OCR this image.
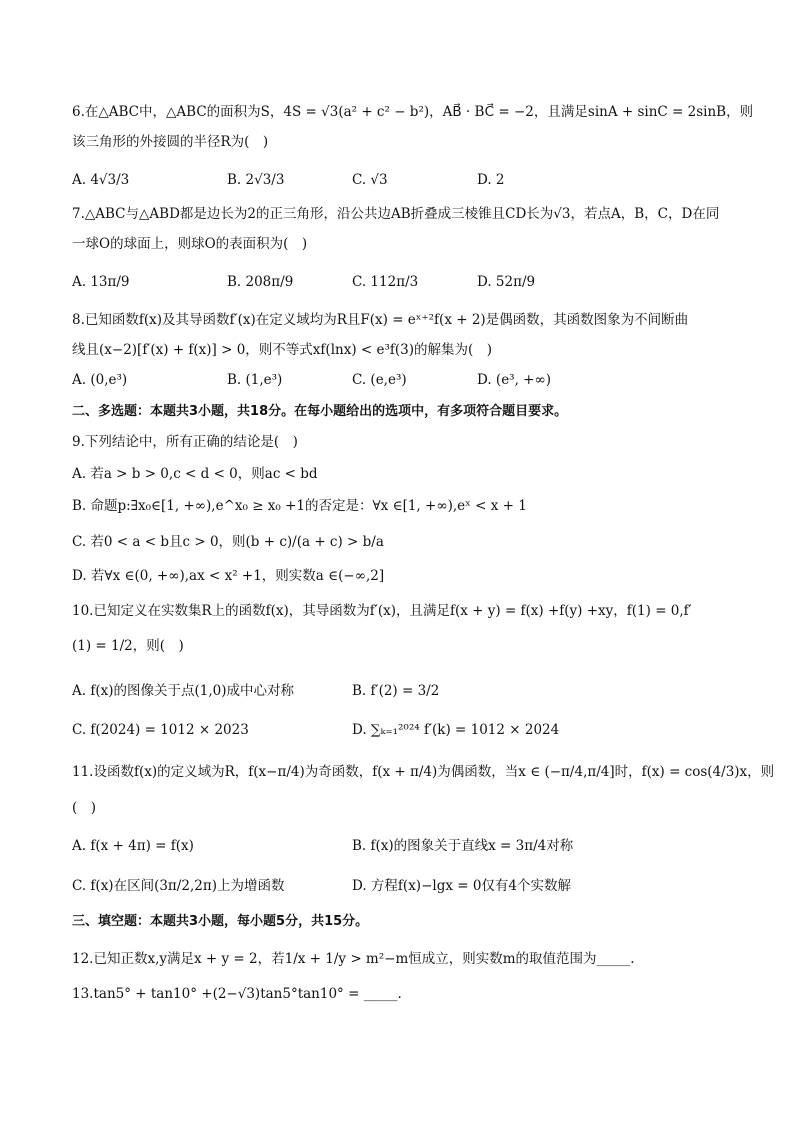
6.在△ABC中，△ABC的面积为S，4S = √3(a² + c² − b²)，AB⃗ · BC⃗ = −2，且满足sinA + sinC = 2sinB，则
该三角形的外接圆的半径R为(　)
A. 4√3/3	B. 2√3/3	C. √3	D. 2
7.△ABC与△ABD都是边长为2的正三角形，沿公共边AB折叠成三棱锥且CD长为√3，若点A，B，C，D在同
一球O的球面上，则球O的表面积为(　)
A. 13π/9	B. 208π/9	C. 112π/3	D. 52π/9
8.已知函数f(x)及其导函数f′(x)在定义域均为R且F(x) = eˣ⁺²f(x + 2)是偶函数，其函数图象为不间断曲
线且(x−2)[f′(x) + f(x)] > 0，则不等式xf(lnx) < e³f(3)的解集为(　)
A. (0,e³)	B. (1,e³)	C. (e,e³)	D. (e³, +∞)
二、多选题：本题共3小题，共18分。在每小题给出的选项中，有多项符合题目要求。
9.下列结论中，所有正确的结论是(　)
A. 若a > b > 0,c < d < 0，则ac < bd
B. 命题p:∃x₀∈[1, +∞),e^x₀ ≥ x₀ +1的否定是：∀x ∈[1, +∞),eˣ < x + 1
C. 若0 < a < b且c > 0，则(b + c)/(a + c) > b/a
D. 若∀x ∈(0, +∞),ax < x² +1，则实数a ∈(−∞,2]
10.已知定义在实数集R上的函数f(x)，其导函数为f′(x)，且满足f(x + y) = f(x) +f(y) +xy，f(1) = 0,f′
(1) = 1/2，则(　)
A. f(x)的图像关于点(1,0)成中心对称	B. f′(2) = 3/2
C. f(2024) = 1012 × 2023	D. ∑ₖ₌₁²⁰²⁴ f′(k) = 1012 × 2024
11.设函数f(x)的定义域为R，f(x−π/4)为奇函数，f(x + π/4)为偶函数，当x ∈ (−π/4,π/4]时，f(x) = cos(4/3)x，则
(　)
A. f(x + 4π) = f(x)	B. f(x)的图象关于直线x = 3π/4对称
C. f(x)在区间(3π/2,2π)上为增函数	D. 方程f(x)−lgx = 0仅有4个实数解
三、填空题：本题共3小题，每小题5分，共15分。
12.已知正数x,y满足x + y = 2，若1/x + 1/y > m²−m恒成立，则实数m的取值范围为_____.
13.tan5° + tan10° +(2−√3)tan5°tan10° = _____.
